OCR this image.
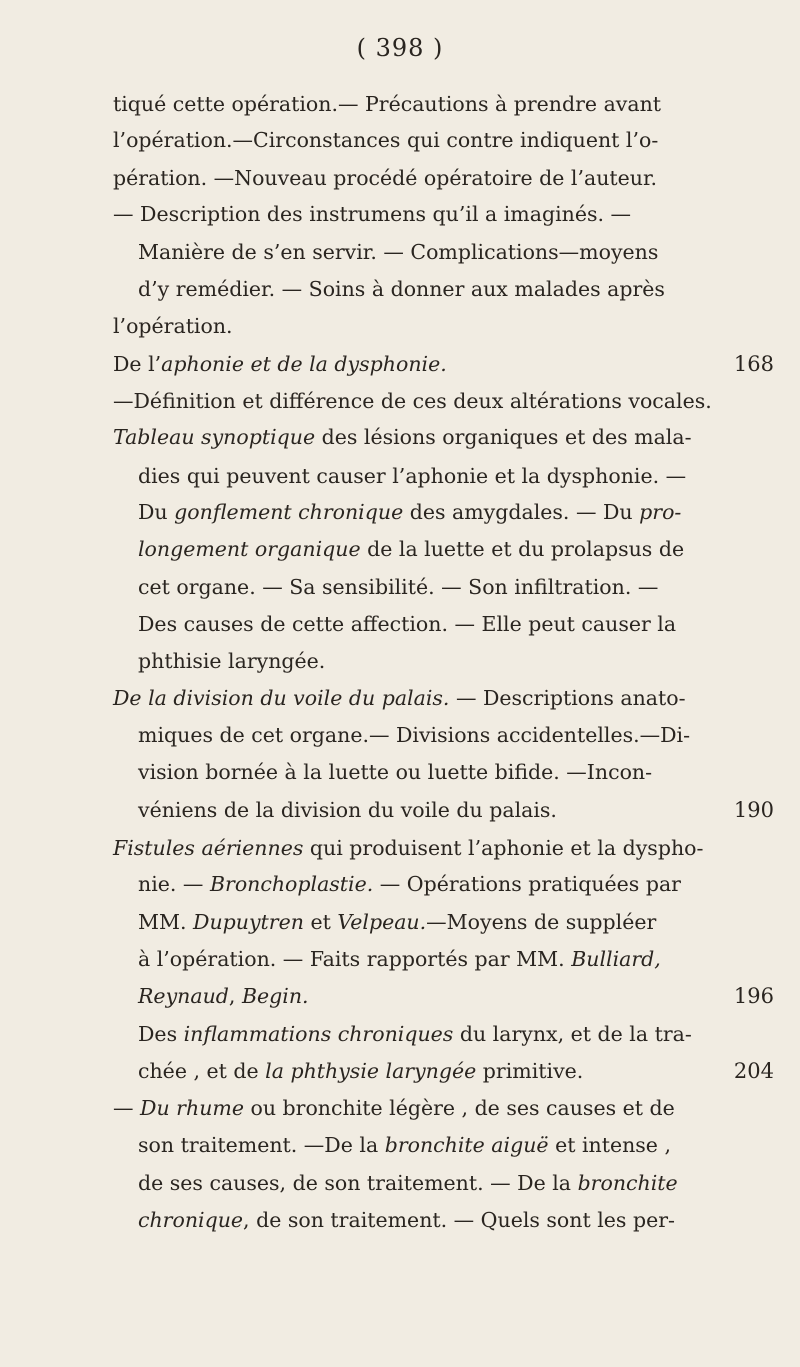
( 398 )
tiqué cette opération.— Précautions à prendre avant
l’opération.—Circonstances qui contre indiquent l’o-
pération. —Nouveau procédé opératoire de l’auteur.
— Description des instrumens qu’il a imaginés. —
Manière de s’en servir. — Complications—moyens
d’y remédier. — Soins à donner aux malades après
l’opération.
De l’aphonie et de la dysphonie.	168
—Définition et différence de ces deux altérations vocales.
Tableau synoptique des lésions organiques et des mala-
dies qui peuvent causer l’aphonie et la dysphonie. —
Du gonflement chronique des amygdales. — Du pro-
longement organique de la luette et du prolapsus de
cet organe. — Sa sensibilité. — Son infiltration. —
Des causes de cette affection. — Elle peut causer la
phthisie laryngée.
De la division du voile du palais. — Descriptions anato-
miques de cet organe.— Divisions accidentelles.—Di-
vision bornée à la luette ou luette bifide. —Incon-
véniens de la division du voile du palais.	190
Fistules aériennes qui produisent l’aphonie et la dyspho-
nie. — Bronchoplastie. — Opérations pratiquées par
MM. Dupuytren et Velpeau.—Moyens de suppléer
à l’opération. — Faits rapportés par MM. Bulliard,
Reynaud, Begin.	196
Des inflammations chroniques du larynx, et de la tra-
chée , et de la phthysie laryngée primitive.	204
— Du rhume ou bronchite légère , de ses causes et de
son traitement. —De la bronchite aiguë et intense ,
de ses causes, de son traitement. — De la bronchite
chronique, de son traitement. — Quels sont les per-
